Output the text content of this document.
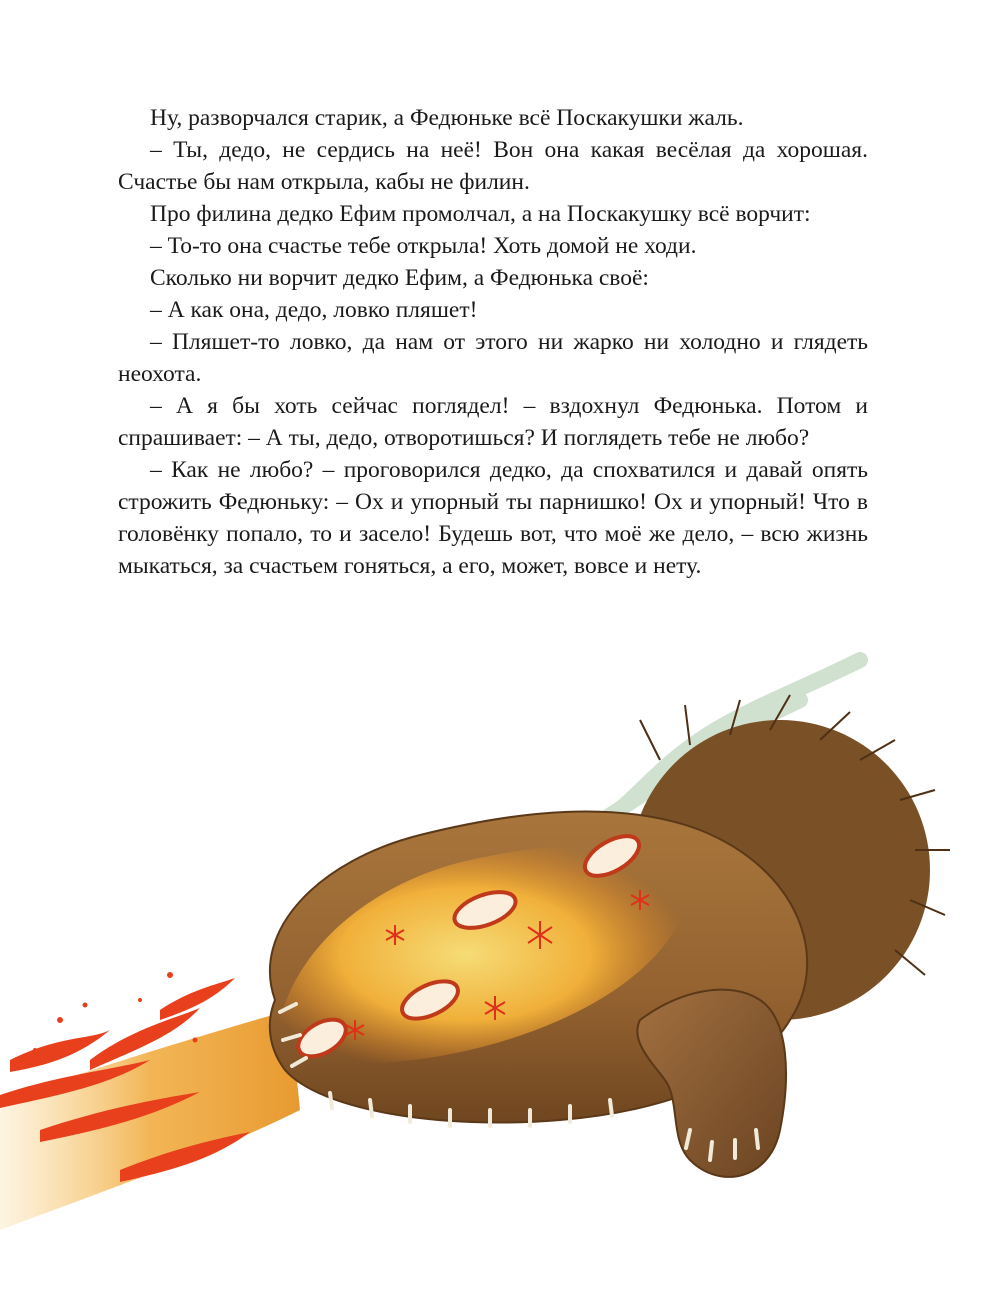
Ну, разворчался старик, а Федюньке всё Поскакушки жаль.

– Ты, дедо, не сердись на неё! Вон она какая весёлая да хорошая. Счастье бы нам открыла, кабы не филин.

Про филина дедко Ефим промолчал, а на Поскакушку всё ворчит:

– То-то она счастье тебе открыла! Хоть домой не ходи.

Сколько ни ворчит дедко Ефим, а Федюнька своё:

– А как она, дедо, ловко пляшет!

– Пляшет-то ловко, да нам от этого ни жарко ни холодно и глядеть неохота.

– А я бы хоть сейчас поглядел! – вздохнул Федюнька. Потом и спрашивает: – А ты, дедо, отворотишься? И поглядеть тебе не любо?

– Как не любо? – проговорился дедко, да спохватился и давай опять строжить Федюньку: – Ох и упорный ты парнишко! Ох и упорный! Что в головёнку попало, то и засело! Будешь вот, что моё же дело, – всю жизнь мыкаться, за счастьем гоняться, а его, может, вовсе и нету.
